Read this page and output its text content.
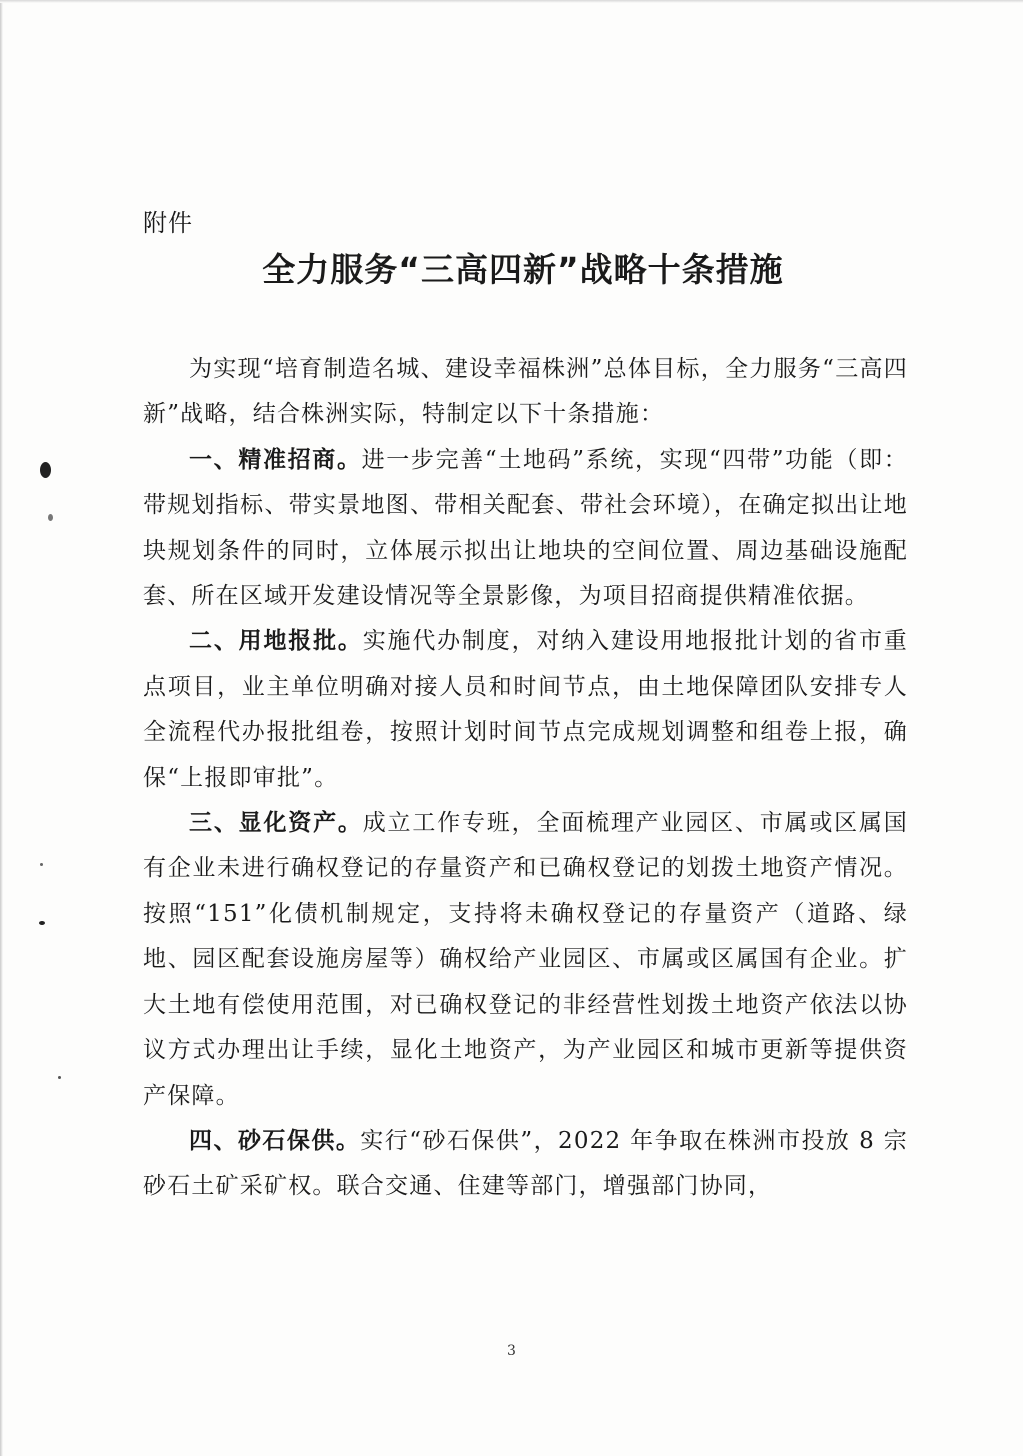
附件
全力服务“三高四新”战略十条措施

为实现“培育制造名城、建设幸福株洲”总体目标，全力服务“三高四新”战略，结合株洲实际，特制定以下十条措施：

一、精准招商。进一步完善“土地码”系统，实现“四带”功能（即：带规划指标、带实景地图、带相关配套、带社会环境），在确定拟出让地块规划条件的同时，立体展示拟出让地块的空间位置、周边基础设施配套、所在区域开发建设情况等全景影像，为项目招商提供精准依据。

二、用地报批。实施代办制度，对纳入建设用地报批计划的省市重点项目，业主单位明确对接人员和时间节点，由土地保障团队安排专人全流程代办报批组卷，按照计划时间节点完成规划调整和组卷上报，确保“上报即审批”。

三、显化资产。成立工作专班，全面梳理产业园区、市属或区属国有企业未进行确权登记的存量资产和已确权登记的划拨土地资产情况。按照“151”化债机制规定，支持将未确权登记的存量资产（道路、绿地、园区配套设施房屋等）确权给产业园区、市属或区属国有企业。扩大土地有偿使用范围，对已确权登记的非经营性划拨土地资产依法以协议方式办理出让手续，显化土地资产，为产业园区和城市更新等提供资产保障。

四、砂石保供。实行“砂石保供”，2022 年争取在株洲市投放 8 宗砂石土矿采矿权。联合交通、住建等部门，增强部门协同，

3
